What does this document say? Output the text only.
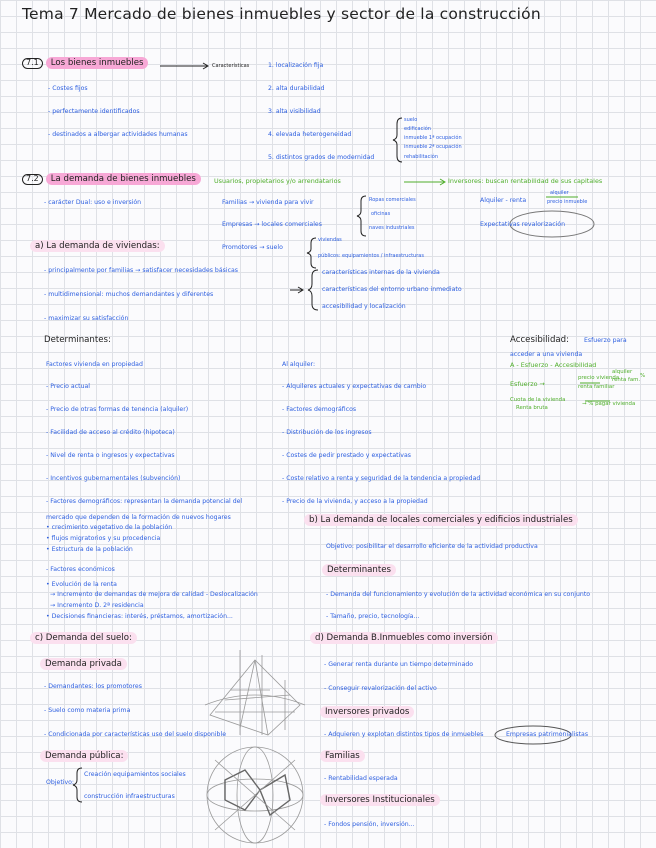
Tema 7 Mercado de bienes inmuebles y sector de la construcción
7.1 Los bienes inmuebles	Características
- Costes fijos
- perfectamente identificados
- destinados a albergar actividades humanas
1. localización fija
2. alta durabilidad
3. alta visibilidad
4. elevada heterogeneidad
5. distintos grados de modernidad
suelo
edificación
inmueble 1ª ocupación
inmueble 2ª ocupación
rehabilitación
7.2 La demanda de bienes inmuebles	Usuarios, propietarios y/o arrendatarios	Inversores: buscan rentabilidad de sus capitales
- carácter Dual: uso e inversión	Familias → vivienda para vivir
Empresas → locales comerciales
Promotores → suelo
Ropas comerciales
oficinas
naves industriales
viviendas
públicos: equipamientos / infraestructuras
Alquiler - renta
alquiler
precio inmueble
Expectativas revalorización
a) La demanda de viviendas:
- principalmente por familias → satisfacer necesidades básicas
- multidimensional: muchos demandantes y diferentes
- maximizar su satisfacción
características internas de la vivienda
características del entorno urbano inmediato
accesibilidad y localización
Determinantes:
Factores vivienda en propiedad
- Precio actual
- Precio de otras formas de tenencia (alquiler)
- Facilidad de acceso al crédito (hipoteca)
- Nivel de renta o ingresos y expectativas
- Incentivos gubernamentales (subvención)
- Factores demográficos: representan la demanda potencial del
mercado que dependen de la formación de nuevos hogares
• crecimiento vegetativo de la población
• flujos migratorios y su procedencia
• Estructura de la población
- Factores económicos
• Evolución de la renta
→ Incremento de demandas de mejora de calidad - Deslocalización
→ Incremento D. 2ª residencia
• Decisiones financieras: interés, préstamos, amortización...
Al alquiler:
- Alquileres actuales y expectativas de cambio
- Factores demográficos
- Distribución de los ingresos
- Costes de pedir prestado y expectativas
- Coste relativo a renta y seguridad de la tendencia a propiedad
- Precio de la vivienda, y acceso a la propiedad
Accesibilidad: Esfuerzo para
acceder a una vivienda
A - Esfuerzo - Accesibilidad
Esfuerzo →
precio vivienda
renta familiar
alquiler
renta fam.
%
Cuota de la vivienda
Renta bruta
→ % pagar vivienda
b) La demanda de locales comerciales y edificios industriales
Objetivo: posibilitar el desarrollo eficiente de la actividad productiva
Determinantes
- Demanda del funcionamiento y evolución de la actividad económica en su conjunto
- Tamaño, precio, tecnología...
c) Demanda del suelo:
Demanda privada
- Demandantes: los promotores
- Suelo como materia prima
- Condicionada por características uso del suelo disponible
Demanda pública:
Objetivo:
Creación equipamientos sociales
construcción infraestructuras
d) Demanda B.Inmuebles como inversión
- Generar renta durante un tiempo determinado
- Conseguir revalorización del activo
Inversores privados
- Adquieren y explotan distintos tipos de inmuebles	Empresas patrimonialistas
Familias
- Rentabilidad esperada
Inversores Institucionales
- Fondos pensión, inversión...
